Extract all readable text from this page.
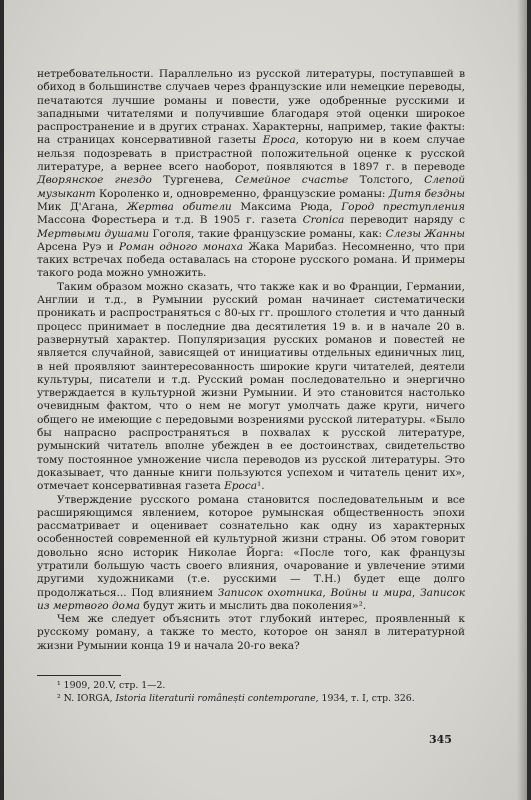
нетребовательности. Параллельно из русской литературы, поступавшей в обиход в большинстве случаев через французские или немецкие переводы, печатаются лучшие романы и повести, уже одобренные русскими и западными читателями и получившие благодаря этой оценки широкое распространение и в других странах. Характерны, например, такие факты: на страницах консервативной газеты Epoca, которую ни в коем случае нельзя подозревать в пристрастной положительной оценке к русской литературе, а вернее всего наоборот, появляются в 1897 г. в переводе Дворянское гнездо Тургенева, Семейное счастье Толстого, Слепой музыкант Короленко и, одновременно, французские романы: Дитя бездны Мик Д'Агана, Жертва обители Максима Рюда, Город преступления Массона Форестьера и т.д. В 1905 г. газета Cronica переводит наряду с Мертвыми душами Гоголя, такие французские романы, как: Слезы Жанны Арсена Руэ и Роман одного монаха Жака Марибаз. Несомненно, что при таких встречах победа оставалась на стороне русского романа. И примеры такого рода можно умножить.

Таким образом можно сказать, что также как и во Франции, Германии, Англии и т.д., в Румынии русский роман начинает систематически проникать и распространяться с 80-ых гг. прошлого столетия и что данный процесс принимает в последние два десятилетия 19 в. и в начале 20 в. развернутый характер. Популяризация русских романов и повестей не является случайной, зависящей от инициативы отдельных единичных лиц, в ней проявляют заинтересованность широкие круги читателей, деятели культуры, писатели и т.д. Русский роман последовательно и энергично утверждается в культурной жизни Румынии. И это становится настолько очевидным фактом, что о нем не могут умолчать даже круги, ничего общего не имеющие с передовыми возрениями русской литературы. «Было бы напрасно распространяться в похвалах к русской литературе, румынский читатель вполне убежден в ее достоинствах, свидетельство тому постоянное умножение числа переводов из русской литературы. Это доказывает, что данные книги пользуются успехом и читатель ценит их», отмечает консервативная газета Epoca¹.

Утверждение русского романа становится последовательным и все расширяющимся явлением, которое румынская общественность эпохи рассматривает и оценивает сознательно как одну из характерных особенностей современной ей культурной жизни страны. Об этом говорит довольно ясно историк Николае Йорга: «После того, как французы утратили большую часть своего влияния, очарование и увлечение этими другими художниками (т.е. русскими — Т.Н.) будет еще долго продолжаться... Под влиянием Записок охотника, Войны и мира, Записок из мертвого дома будут жить и мыслить два поколения»².

Чем же следует объяснить этот глубокий интерес, проявленный к русскому роману, а также то место, которое он занял в литературной жизни Румынии конца 19 и начала 20-го века?

¹ 1909, 20.V, стр. 1—2.
² N. IORGA, Istoria literaturii românești contemporane, 1934, т. I, стр. 326.
345
